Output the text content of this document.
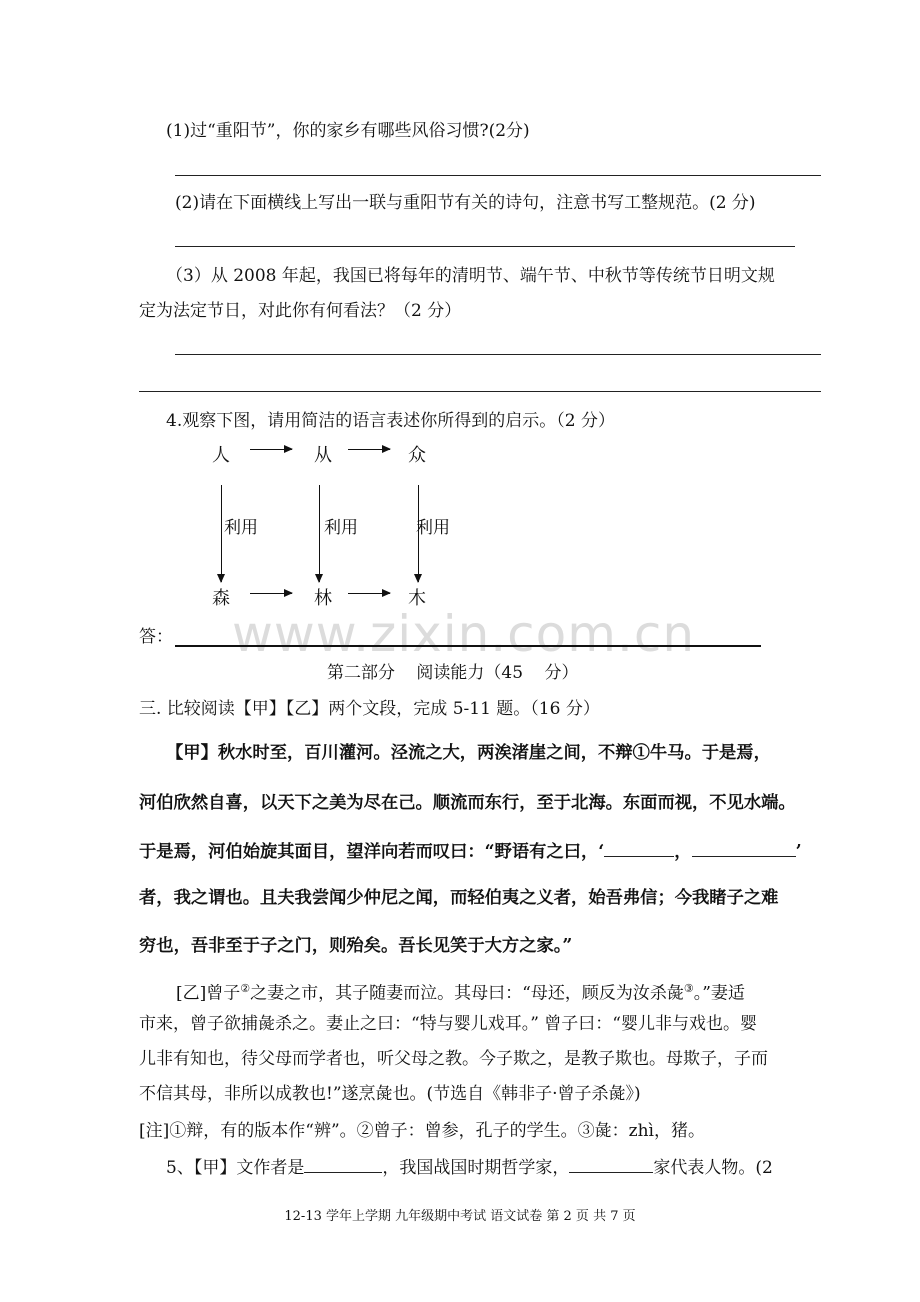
(1)过“重阳节”，你的家乡有哪些风俗习惯?(2分)
(2)请在下面横线上写出一联与重阳节有关的诗句，注意书写工整规范。(2 分)
（3）从 2008 年起，我国已将每年的清明节、端午节、中秋节等传统节日明文规
定为法定节日，对此你有何看法？（2 分）
4.观察下图，请用简洁的语言表述你所得到的启示。（2 分）
人	从	众
利用	利用	利用
森	林	木
www.zixin.com.cn
答：
第二部分 阅读能力（45 分）
三. 比较阅读【甲】【乙】两个文段，完成 5-11 题。（16 分）
【甲】秋水时至，百川灌河。泾流之大，两涘渚崖之间，不辩①牛马。于是焉，
河伯欣然自喜，以天下之美为尽在己。顺流而东行，至于北海。东面而视，不见水端。
于是焉，河伯始旋其面目，望洋向若而叹曰：“野语有之曰，‘	，	’
者，我之谓也。且夫我尝闻少仲尼之闻，而轻伯夷之义者，始吾弗信；今我睹子之难
穷也，吾非至于子之门，则殆矣。吾长见笑于大方之家。”
[乙]曾子②之妻之市，其子随妻而泣。其母曰：“母还，顾反为汝杀彘③。”妻适
市来，曾子欲捕彘杀之。妻止之曰：“特与婴儿戏耳。” 曾子曰：“婴儿非与戏也。婴
儿非有知也，待父母而学者也，听父母之教。今子欺之，是教子欺也。母欺子，子而
不信其母，非所以成教也!”遂烹彘也。(节选自《韩非子·曾子杀彘》)
[注]①辩，有的版本作“辨”。②曾子：曾参，孔子的学生。③彘：zhì，猪。
5、【甲】文作者是	，我国战国时期哲学家，	家代表人物。(2
12-13 学年上学期 九年级期中考试 语文试卷 第 2 页 共 7 页
